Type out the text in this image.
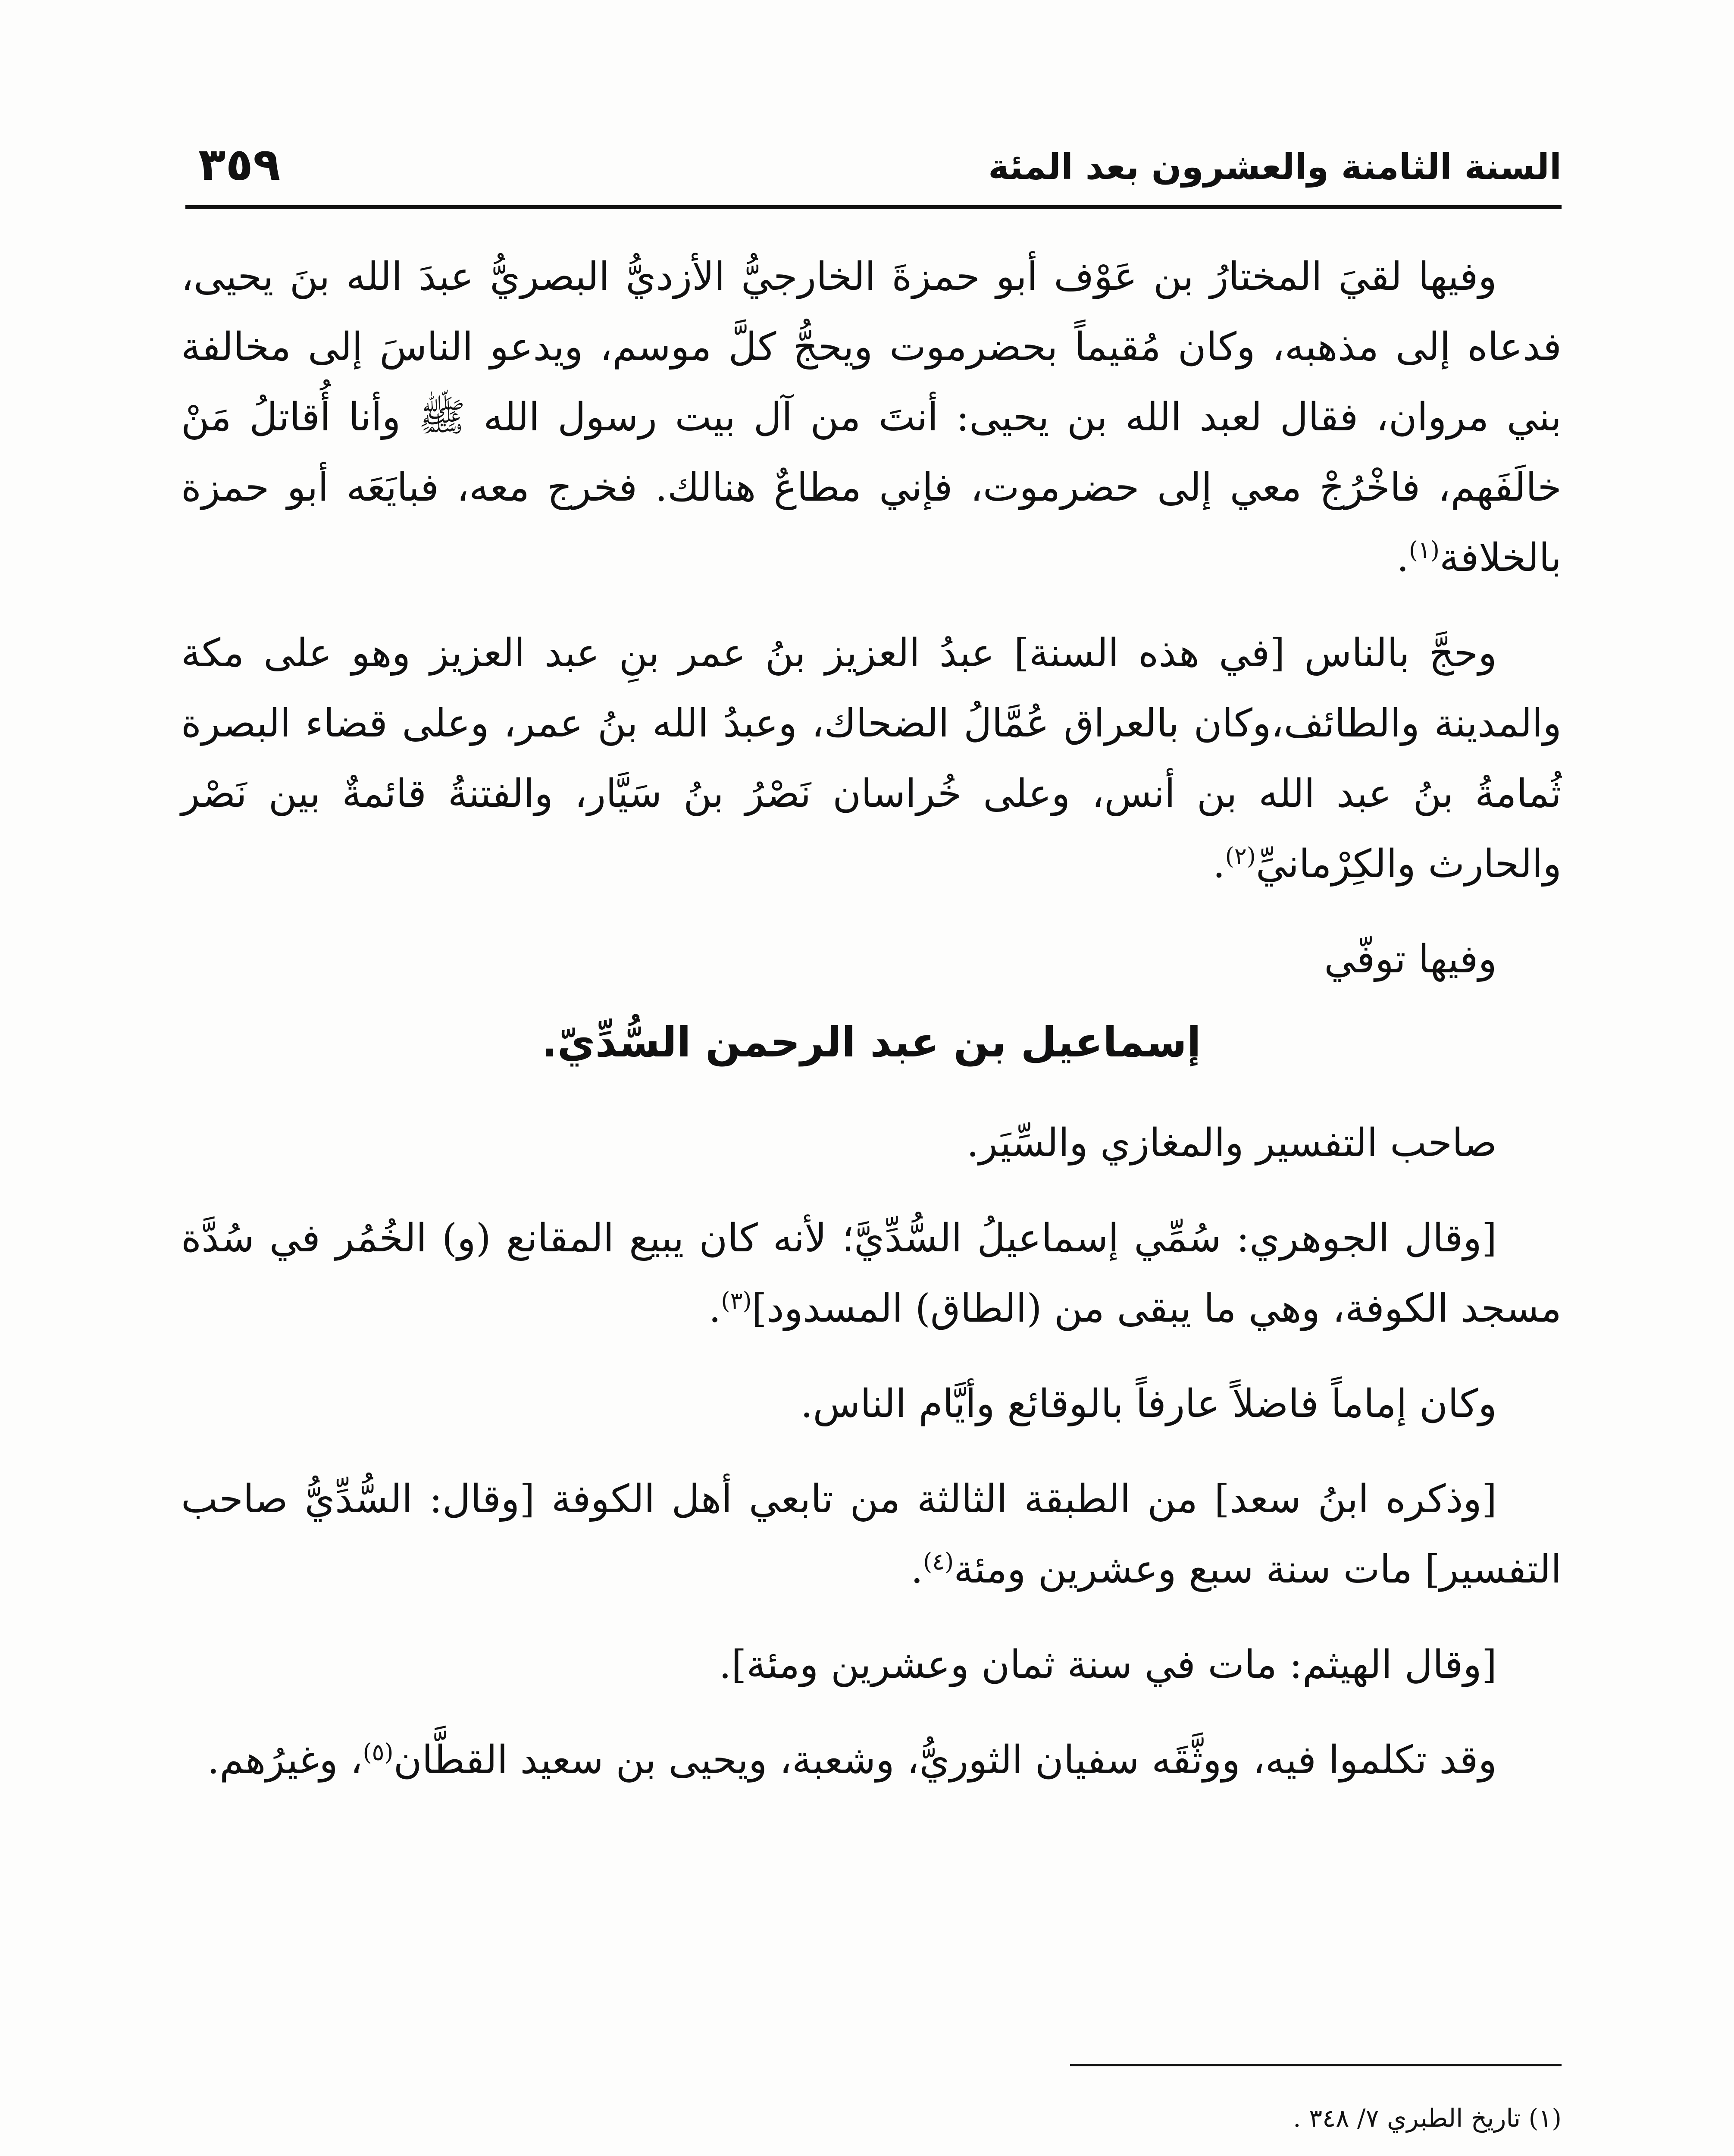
السنة الثامنة والعشرون بعد المئة
٣٥٩

وفيها لقيَ المختارُ بن عَوْف أبو حمزةَ الخارجيُّ الأزديُّ البصريُّ عبدَ الله بنَ يحيى، فدعاه إلى مذهبه، وكان مُقيماً بحضرموت ويحجُّ كلَّ موسم، ويدعو الناسَ إلى مخالفة بني مروان، فقال لعبد الله بن يحيى: أنتَ من آل بيت رسول الله ﷺ وأنا أُقاتلُ مَنْ خالَفَهم، فاخْرُجْ معي إلى حضرموت، فإني مطاعٌ هنالك. فخرج معه، فبايَعَه أبو حمزة بالخلافة$^{(١)}$.

وحجَّ بالناس [في هذه السنة] عبدُ العزيز بنُ عمر بنِ عبد العزيز وهو على مكة والمدينة والطائف،وكان بالعراق عُمَّالُ الضحاك، وعبدُ الله بنُ عمر، وعلى قضاء البصرة ثُمامةُ بنُ عبد الله بن أنس، وعلى خُراسان نَصْرُ بنُ سَيَّار، والفتنةُ قائمةٌ بين نَصْر والحارث والكِرْمانيِّ$^{(٢)}$.

وفيها توفّي

إسماعيل بن عبد الرحمن السُّدِّيّ.

صاحب التفسير والمغازي والسِّيَر.

[وقال الجوهري: سُمِّي إسماعيلُ السُّدِّيَّ؛ لأنه كان يبيع المقانع (و) الخُمُر في سُدَّة مسجد الكوفة، وهي ما يبقى من (الطاق) المسدود]$^{(٣)}$.

وكان إماماً فاضلاً عارفاً بالوقائع وأيَّام الناس.

[وذكره ابنُ سعد] من الطبقة الثالثة من تابعي أهل الكوفة [وقال: السُّدِّيُّ صاحب التفسير] مات سنة سبع وعشرين ومئة$^{(٤)}$.

[وقال الهيثم: مات في سنة ثمان وعشرين ومئة].

وقد تكلموا فيه، ووثَّقَه سفيان الثوريُّ، وشعبة، ويحيى بن سعيد القطَّان$^{(٥)}$، وغيرُهم.

(١) تاريخ الطبري ٧/ ٣٤٨ .
